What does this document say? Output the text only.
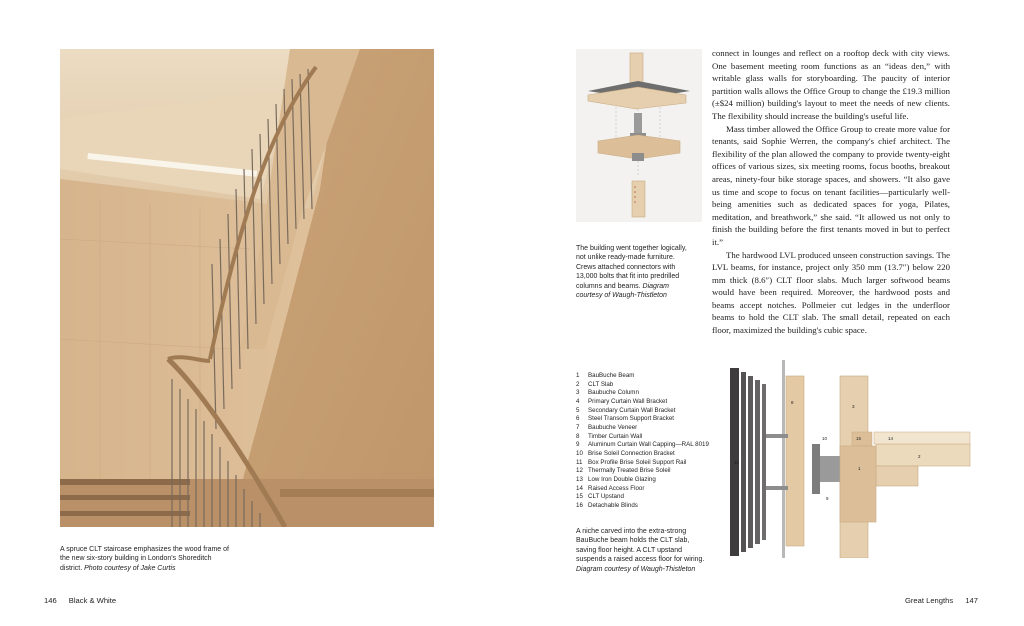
A spruce CLT staircase emphasizes the wood frame of the new six-story building in London's Shoreditch district. Photo courtesy of Jake Curtis
146 Black & White
The building went together logically, not unlike ready-made furniture. Crews attached connectors with 13,000 bolts that fit into predrilled columns and beams. Diagram courtesy of Waugh-Thistleton

connect in lounges and reflect on a rooftop deck with city views. One basement meeting room functions as an “ideas den,” with writable glass walls for storyboarding. The paucity of interior partition walls allows the Office Group to change the £19.3 million (±$24 million) building's layout to meet the needs of new clients. The flexibility should increase the building's useful life.

Mass timber allowed the Office Group to create more value for tenants, said Sophie Werren, the company's chief architect. The flexibility of the plan allowed the company to provide twenty-eight offices of various sizes, six meeting rooms, focus booths, breakout areas, ninety-four bike storage spaces, and showers. “It also gave us time and scope to focus on tenant facilities—particularly well-being amenities such as dedicated spaces for yoga, Pilates, meditation, and breathwork,” she said. “It allowed us not only to finish the building before the first tenants moved in but to perfect it.”

The hardwood LVL produced unseen construction savings. The LVL beams, for instance, project only 350 mm (13.7″) below 220 mm thick (8.6″) CLT floor slabs. Much larger softwood beams would have been required. Moreover, the hardwood posts and beams accept notches. Pollmeier cut ledges in the underfloor beams to hold the CLT slab. The small detail, repeated on each floor, maximized the building's cubic space.

1	BauBuche Beam
2	CLT Slab
3	Baubuche Column
4	Primary Curtain Wall Bracket
5	Secondary Curtain Wall Bracket
6	Steel Transom Support Bracket
7	Baubuche Veneer
8	Timber Curtain Wall
9	Aluminum Curtain Wall Capping—RAL 8019
10 Brise Soleil Connection Bracket
11 Box Profile Brise Soleil Support Rail
12 Thermally Treated Brise Soleil
13 Low Iron Double Glazing
14 Raised Access Floor
15 CLT Upstand
16 Detachable Blinds
8
3
10	15	14
11
2
1
9
A niche carved into the extra-strong BauBuche beam holds the CLT slab, saving floor height. A CLT upstand suspends a raised access floor for wiring. Diagram courtesy of Waugh-Thistleton
Great Lengths 147
